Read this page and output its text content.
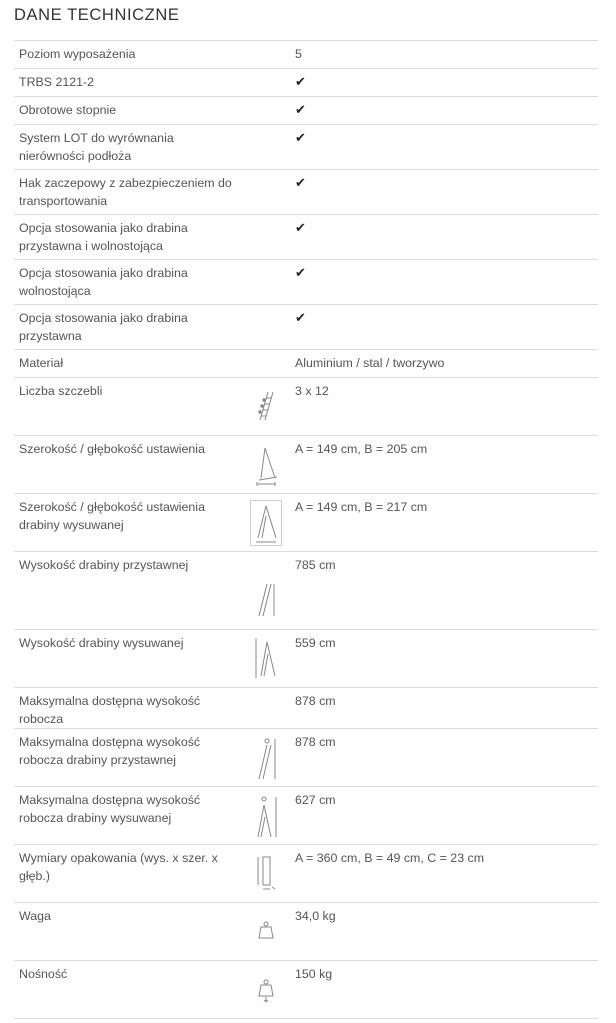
DANE TECHNICZNE
Poziom wyposażenia		5
TRBS 2121-2		✔
Obrotowe stopnie		✔
System LOT do wyrównania nierówności podłoża		✔
Hak zaczepowy z zabezpieczeniem do transportowania		✔
Opcja stosowania jako drabina przystawna i wolnostojąca		✔
Opcja stosowania jako drabina wolnostojąca		✔
Opcja stosowania jako drabina przystawna		✔
Materiał		Aluminium / stal / tworzywo
Liczba szczebli		3 x 12
Szerokość / głębokość ustawienia		A = 149 cm, B = 205 cm
Szerokość / głębokość ustawienia drabiny wysuwanej		A = 149 cm, B = 217 cm
Wysokość drabiny przystawnej		785 cm
Wysokość drabiny wysuwanej		559 cm
Maksymalna dostępna wysokość robocza		878 cm
Maksymalna dostępna wysokość robocza drabiny przystawnej		878 cm
Maksymalna dostępna wysokość robocza drabiny wysuwanej		627 cm
Wymiary opakowania (wys. x szer. x głęb.)		A = 360 cm, B = 49 cm, C = 23 cm
Waga		34,0 kg
Nośność		150 kg
